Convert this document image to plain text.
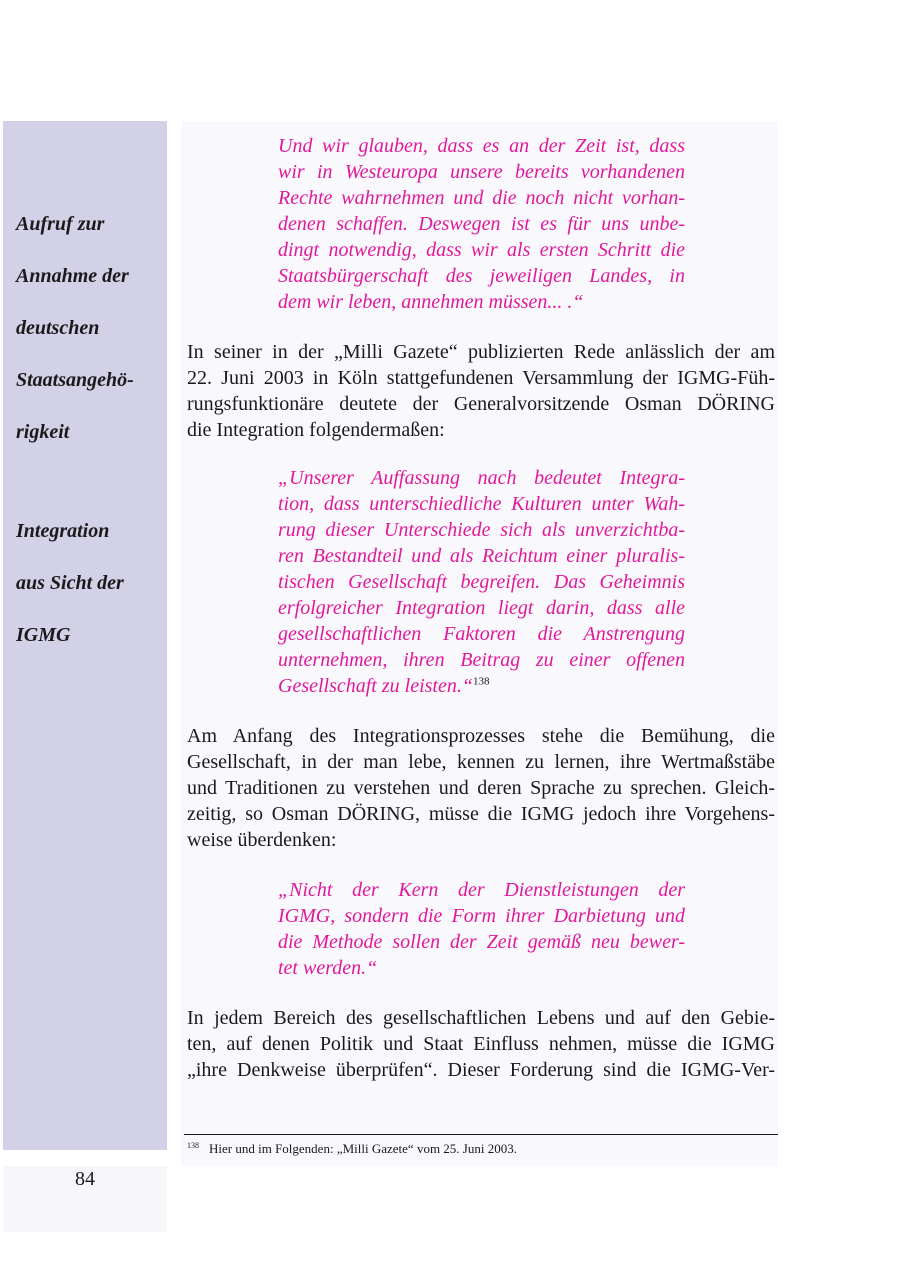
Aufruf zur

Annahme der

deutschen

Staatsangehö-

rigkeit

Integration

aus Sicht der

IGMG

Und wir glauben, dass es an der Zeit ist, dass
wir in Westeuropa unsere bereits vorhandenen
Rechte wahrnehmen und die noch nicht vorhan-
denen schaffen. Deswegen ist es für uns unbe-
dingt notwendig, dass wir als ersten Schritt die
Staatsbürgerschaft des jeweiligen Landes, in
dem wir leben, annehmen müssen... .“
In seiner in der „Milli Gazete“ publizierten Rede anlässlich der am
22. Juni 2003 in Köln stattgefundenen Versammlung der IGMG-Füh-
rungsfunktionäre deutete der Generalvorsitzende Osman DÖRING
die Integration folgendermaßen:
„Unserer Auffassung nach bedeutet Integra-
tion, dass unterschiedliche Kulturen unter Wah-
rung dieser Unterschiede sich als unverzichtba-
ren Bestandteil und als Reichtum einer pluralis-
tischen Gesellschaft begreifen. Das Geheimnis
erfolgreicher Integration liegt darin, dass alle
gesellschaftlichen Faktoren die Anstrengung
unternehmen, ihren Beitrag zu einer offenen
Gesellschaft zu leisten.“$^{138}$
Am Anfang des Integrationsprozesses stehe die Bemühung, die
Gesellschaft, in der man lebe, kennen zu lernen, ihre Wertmaßstäbe
und Traditionen zu verstehen und deren Sprache zu sprechen. Gleich-
zeitig, so Osman DÖRING, müsse die IGMG jedoch ihre Vorgehens-
weise überdenken:
„Nicht der Kern der Dienstleistungen der
IGMG, sondern die Form ihrer Darbietung und
die Methode sollen der Zeit gemäß neu bewer-
tet werden.“
In jedem Bereich des gesellschaftlichen Lebens und auf den Gebie-
ten, auf denen Politik und Staat Einfluss nehmen, müsse die IGMG
„ihre Denkweise überprüfen“. Dieser Forderung sind die IGMG-Ver-
$^{138}$ Hier und im Folgenden: „Milli Gazete“ vom 25. Juni 2003.
84
